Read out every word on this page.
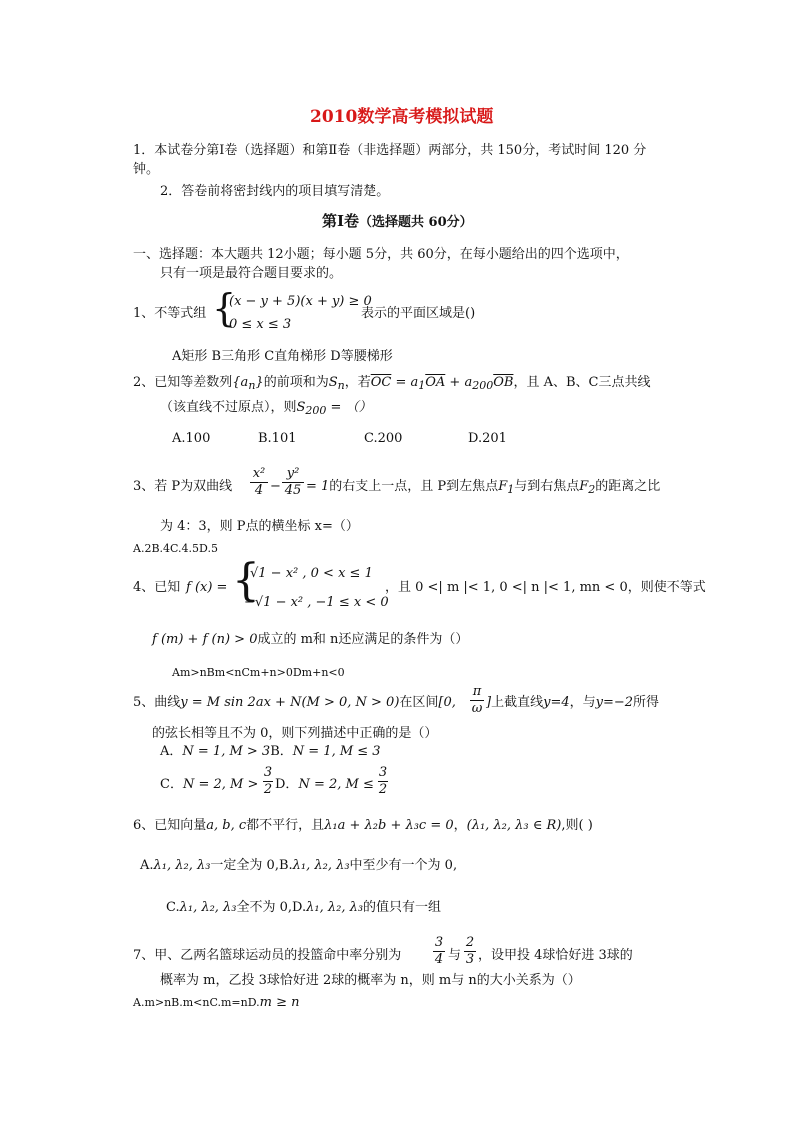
2010数学高考模拟试题
1．本试卷分第Ⅰ卷（选择题）和第Ⅱ卷（非选择题）两部分，共 150分，考试时间 120 分
钟。
2．答卷前将密封线内的项目填写清楚。
第Ⅰ卷（选择题共 60分）
一、选择题：本大题共 12小题；每小题 5分，共 60分，在每小题给出的四个选项中，
只有一项是最符合题目要求的。
1、不等式组 {
(x − y + 5)(x + y) ≥ 0
0 ≤ x ≤ 3
表示的平面区域是()
A矩形 B三角形 C直角梯形 D等腰梯形
2、已知等差数列$\{a_n\}$的前项和为$S_n$，若$\overline{OC} = a_1\overline{OA} + a_{200}\overline{OB}$，且 A、B、C三点共线
（该直线不过原点），则$S_{200}$ = （）
A.100	B.101	C.200	D.201
3、若 P为双曲线 $\frac{\text{x²}}{4} - \frac{\text{y²}}{45} = 1$的右支上一点，且 P到左焦点$F_1$与到右焦点$F_2$的距离之比
为 4：3，则 P点的横坐标 x=（）
A.2B.4C.4.5D.5
4、已知 f (x) = {
√1 − x² , 0 < x ≤ 1
−√1 − x² , −1 ≤ x < 0
，且 0 <| m |< 1, 0 <| n |< 1, mn < 0，则使不等式
f (m) + f (n) > 0成立的 m和 n还应满足的条件为（）
Am>nBm<nCm+n>0Dm+n<0
5、曲线y = M sin 2ax + N(M > 0, N > 0)在区间[0, $\frac{\pi}{\omega}$ ]上截直线y=4，与y=−2所得
的弦长相等且不为 0，则下列描述中正确的是（）
A．N = 1, M > 3B．N = 1, M ≤ 3
C．N = 2, $M > \frac{3}{2}$ D．N = 2, $M \le \frac{3}{2}$
6、已知向量a, b, c都不平行，且λ₁a + λ₂b + λ₃c = 0，(λ₁, λ₂, λ₃ ∈ R),则( )
A.λ₁, λ₂, λ₃一定全为 0,B.λ₁, λ₂, λ₃中至少有一个为 0,
C.λ₁, λ₂, λ₃全不为 0,D.λ₁, λ₂, λ₃的值只有一组
7、甲、乙两名篮球运动员的投篮命中率分别为 $\frac{3}{4}$ 与 $\frac{2}{3}$ ，设甲投 4球恰好进 3球的
概率为 m，乙投 3球恰好进 2球的概率为 n，则 m与 n的大小关系为（）
A.m>nB.m<nC.m=nD.m ≥ n
